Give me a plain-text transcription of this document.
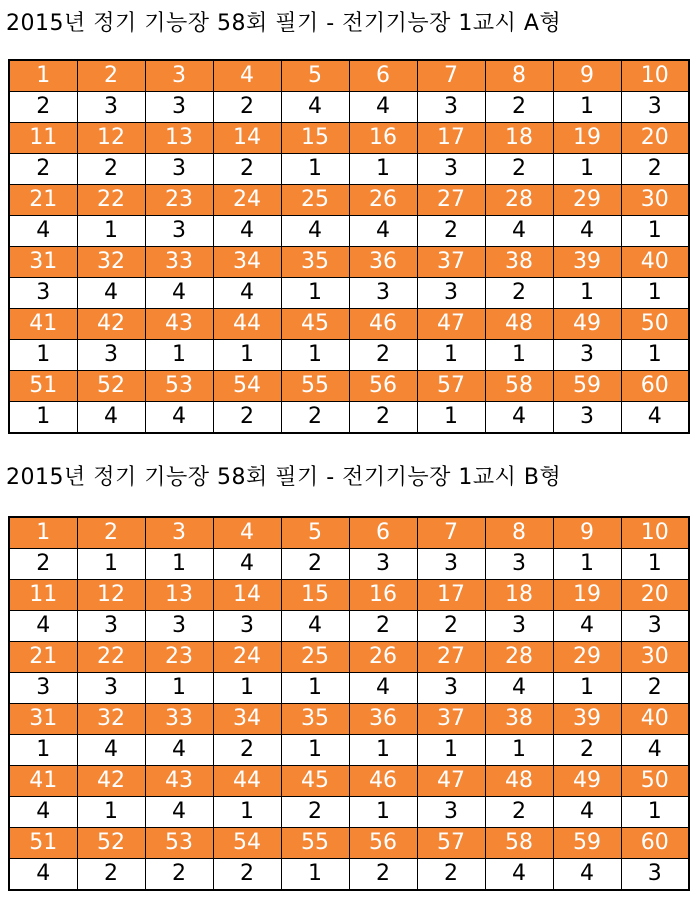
2015년 정기 기능장 58회 필기 - 전기기능장 1교시 A형
1	2	3	4	5	6	7	8	9	10
2	3	3	2	4	4	3	2	1	3
11	12	13	14	15	16	17	18	19	20
2	2	3	2	1	1	3	2	1	2
21	22	23	24	25	26	27	28	29	30
4	1	3	4	4	4	2	4	4	1
31	32	33	34	35	36	37	38	39	40
3	4	4	4	1	3	3	2	1	1
41	42	43	44	45	46	47	48	49	50
1	3	1	1	1	2	1	1	3	1
51	52	53	54	55	56	57	58	59	60
1	4	4	2	2	2	1	4	3	4
2015년 정기 기능장 58회 필기 - 전기기능장 1교시 B형
1	2	3	4	5	6	7	8	9	10
2	1	1	4	2	3	3	3	1	1
11	12	13	14	15	16	17	18	19	20
4	3	3	3	4	2	2	3	4	3
21	22	23	24	25	26	27	28	29	30
3	3	1	1	1	4	3	4	1	2
31	32	33	34	35	36	37	38	39	40
1	4	4	2	1	1	1	1	2	4
41	42	43	44	45	46	47	48	49	50
4	1	4	1	2	1	3	2	4	1
51	52	53	54	55	56	57	58	59	60
4	2	2	2	1	2	2	4	4	3
